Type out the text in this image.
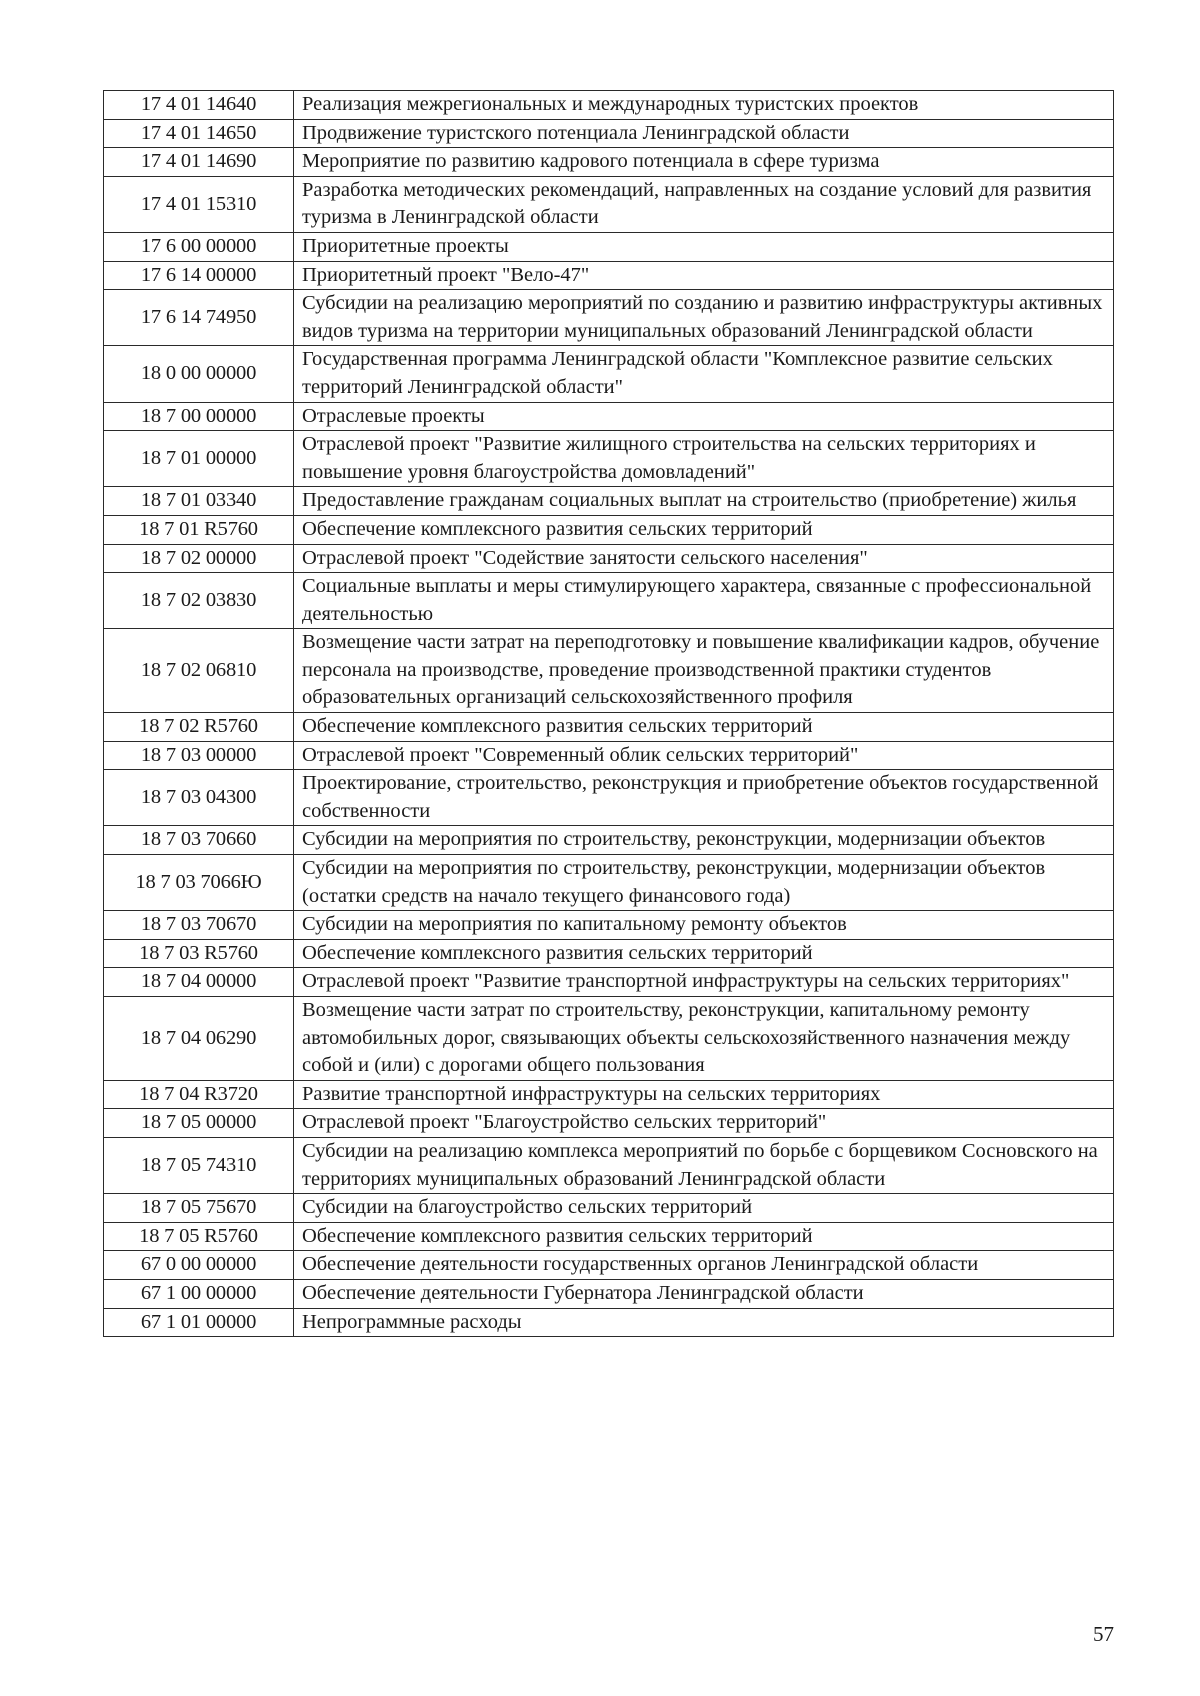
17 4 01 14640	Реализация межрегиональных и международных туристских проектов
17 4 01 14650	Продвижение туристского потенциала Ленинградской области
17 4 01 14690	Мероприятие по развитию кадрового потенциала в сфере туризма
17 4 01 15310	Разработка методических рекомендаций, направленных на создание условий для развития туризма в Ленинградской области
17 6 00 00000	Приоритетные проекты
17 6 14 00000	Приоритетный проект "Вело-47"
17 6 14 74950	Субсидии на реализацию мероприятий по созданию и развитию инфраструктуры активных видов туризма на территории муниципальных образований Ленинградской области
18 0 00 00000	Государственная программа Ленинградской области "Комплексное развитие сельских территорий Ленинградской области"
18 7 00 00000	Отраслевые проекты
18 7 01 00000	Отраслевой проект "Развитие жилищного строительства на сельских территориях и повышение уровня благоустройства домовладений"
18 7 01 03340	Предоставление гражданам социальных выплат на строительство (приобретение) жилья
18 7 01 R5760	Обеспечение комплексного развития сельских территорий
18 7 02 00000	Отраслевой проект "Содействие занятости сельского населения"
18 7 02 03830	Социальные выплаты и меры стимулирующего характера, связанные с профессиональной деятельностью
18 7 02 06810	Возмещение части затрат на переподготовку и повышение квалификации кадров, обучение персонала на производстве, проведение производственной практики студентов образовательных организаций сельскохозяйственного профиля
18 7 02 R5760	Обеспечение комплексного развития сельских территорий
18 7 03 00000	Отраслевой проект "Современный облик сельских территорий"
18 7 03 04300	Проектирование, строительство, реконструкция и приобретение объектов государственной собственности
18 7 03 70660	Субсидии на мероприятия по строительству, реконструкции, модернизации объектов
18 7 03 7066Ю	Субсидии на мероприятия по строительству, реконструкции, модернизации объектов (остатки средств на начало текущего финансового года)
18 7 03 70670	Субсидии на мероприятия по капитальному ремонту объектов
18 7 03 R5760	Обеспечение комплексного развития сельских территорий
18 7 04 00000	Отраслевой проект "Развитие транспортной инфраструктуры на сельских территориях"
18 7 04 06290	Возмещение части затрат по строительству, реконструкции, капитальному ремонту автомобильных дорог, связывающих объекты сельскохозяйственного назначения между собой и (или) с дорогами общего пользования
18 7 04 R3720	Развитие транспортной инфраструктуры на сельских территориях
18 7 05 00000	Отраслевой проект "Благоустройство сельских территорий"
18 7 05 74310	Субсидии на реализацию комплекса мероприятий по борьбе с борщевиком Сосновского на территориях муниципальных образований Ленинградской области
18 7 05 75670	Субсидии на благоустройство сельских территорий
18 7 05 R5760	Обеспечение комплексного развития сельских территорий
67 0 00 00000	Обеспечение деятельности государственных органов Ленинградской области
67 1 00 00000	Обеспечение деятельности Губернатора Ленинградской области
67 1 01 00000	Непрограммные расходы
57
